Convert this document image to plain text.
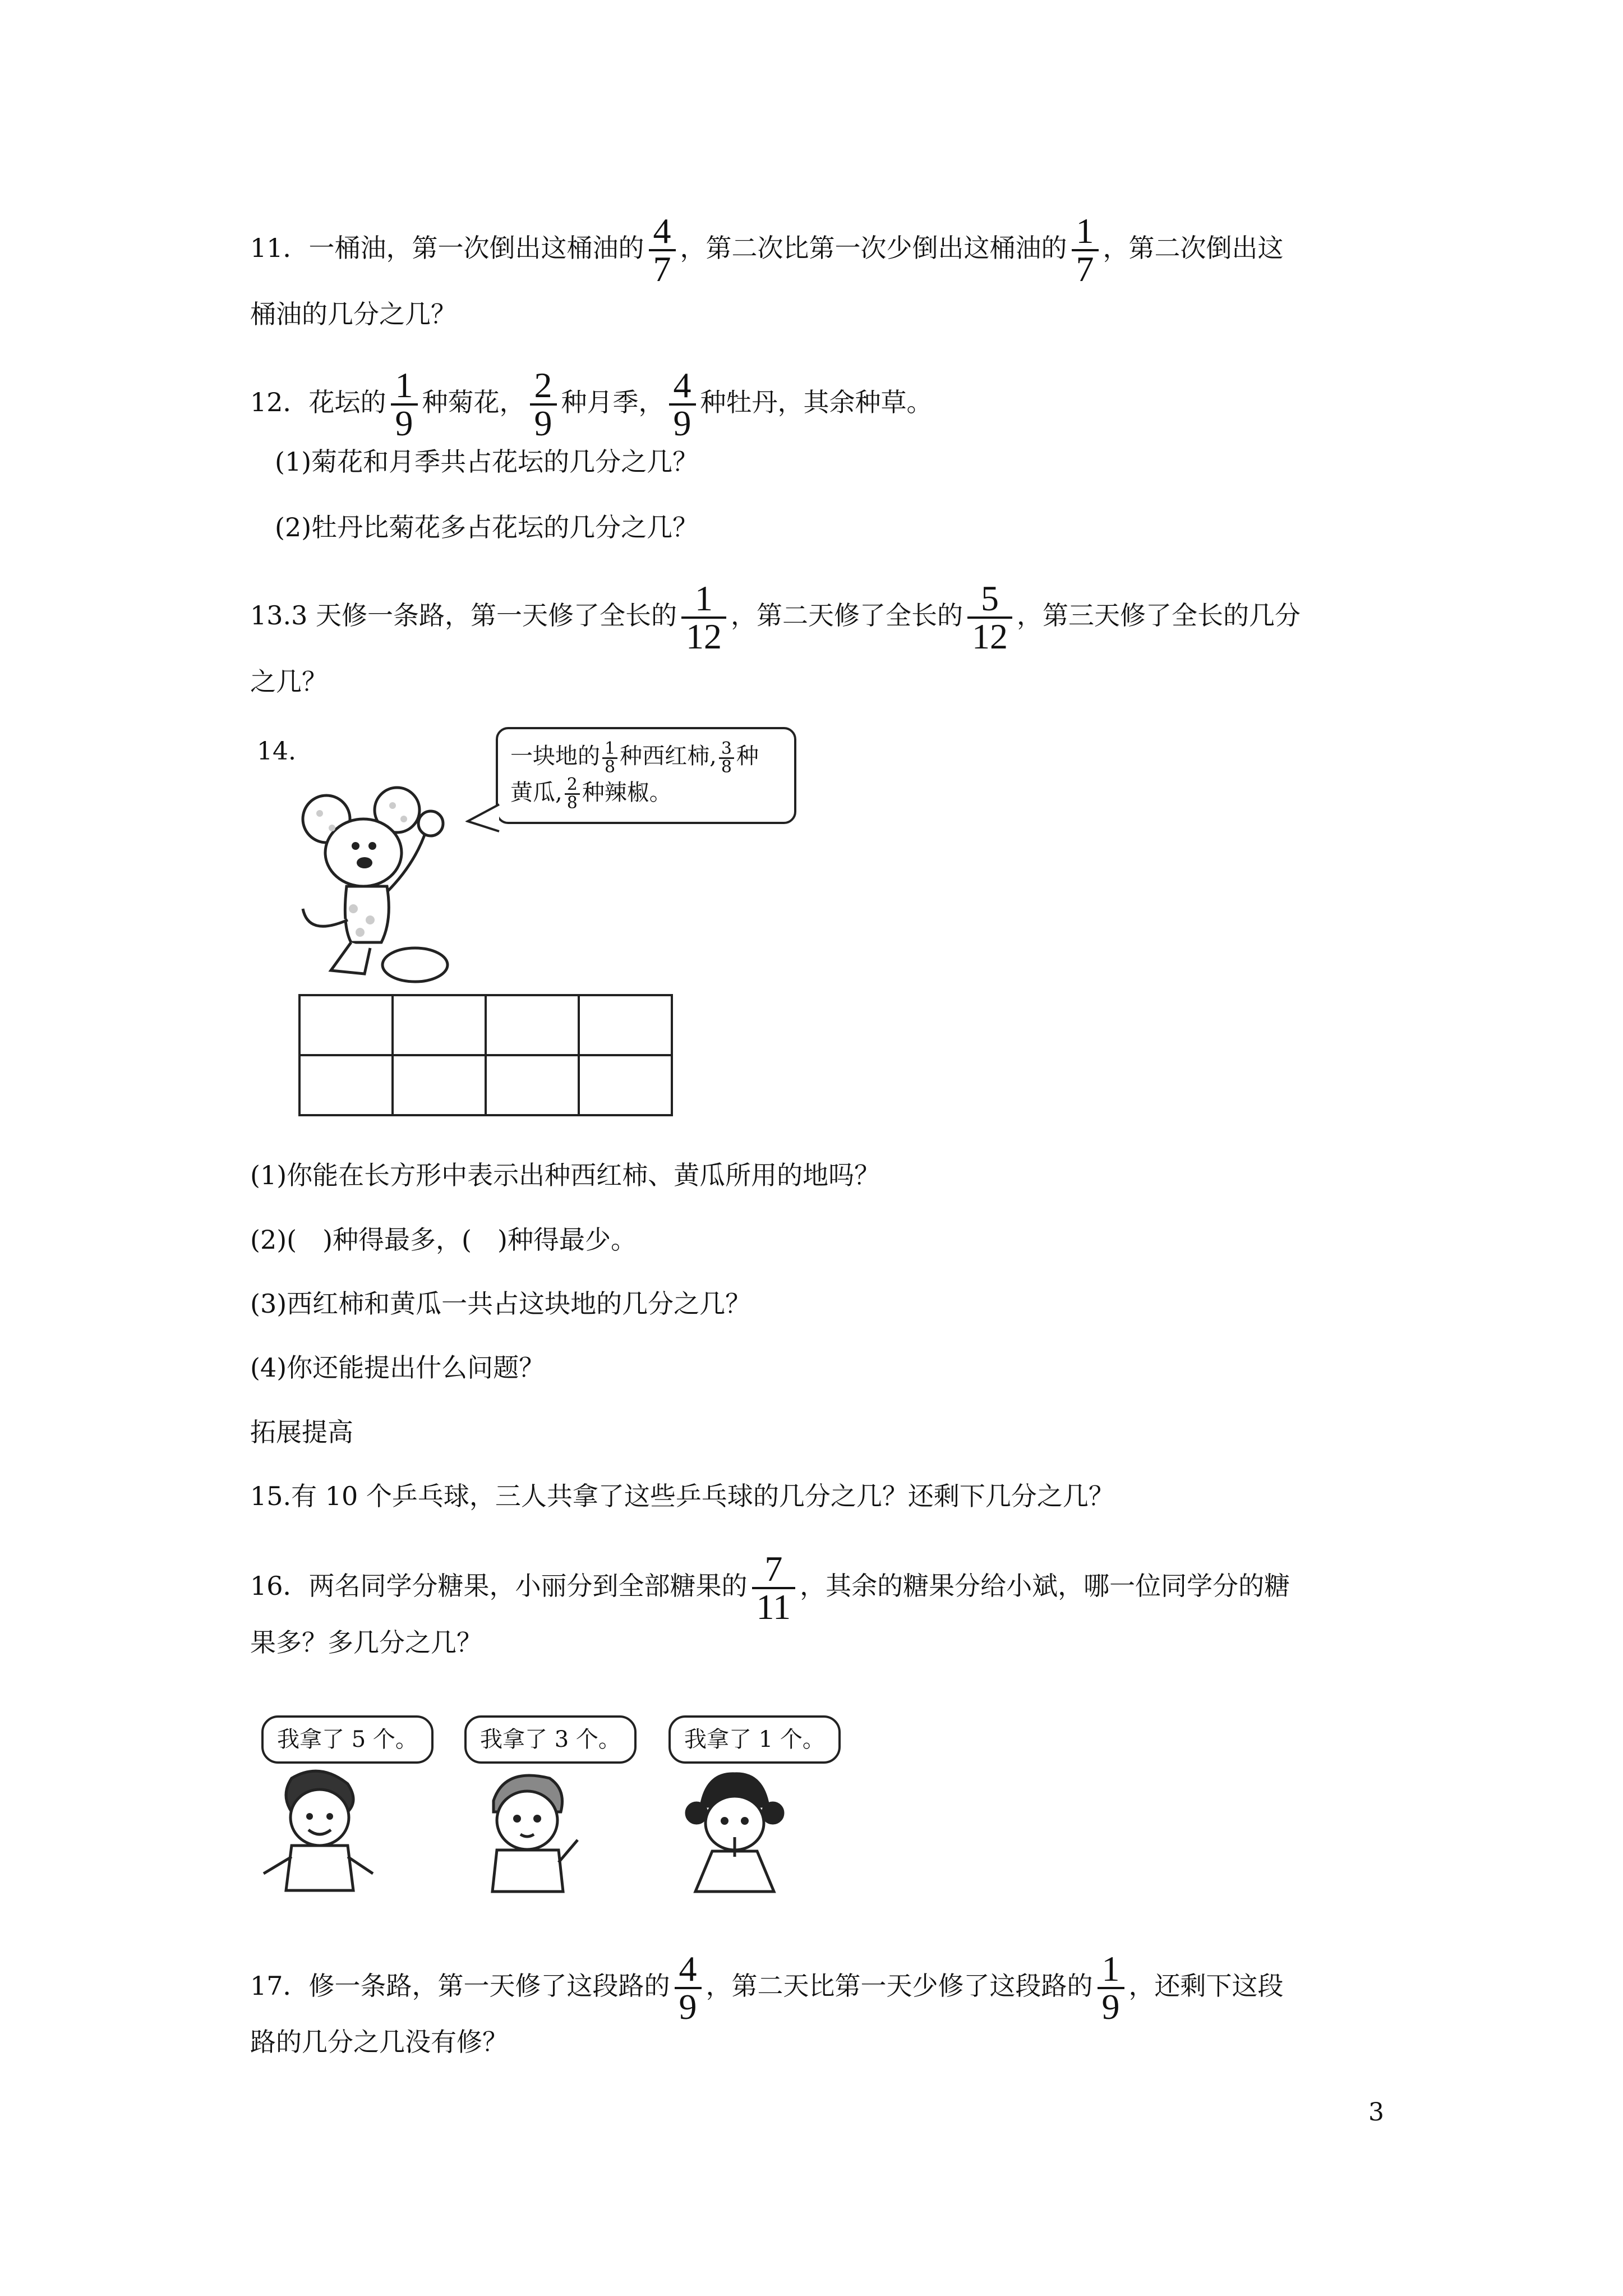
11．一桶油，第一次倒出这桶油的 $\frac{4}{7}$ ，第二次比第一次少倒出这桶油的 $\frac{1}{7}$ ，第二次倒出这
桶油的几分之几？
12．花坛的 $\frac{1}{9}$ 种菊花， $\frac{2}{9}$ 种月季， $\frac{4}{9}$ 种牡丹，其余种草。
(1)菊花和月季共占花坛的几分之几？
(2)牡丹比菊花多占花坛的几分之几？
13.3 天修一条路，第一天修了全长的 $\frac{1}{12}$ ，第二天修了全长的 $\frac{5}{12}$ ，第三天修了全长的几分
之几？
14.	一块地的 $\frac{1}{8}$ 种西红柿, $\frac{3}{8}$ 种
黄瓜, $\frac{2}{8}$ 种辣椒。

(1)你能在长方形中表示出种西红柿、黄瓜所用的地吗？
(2)(　)种得最多，(　)种得最少。
(3)西红柿和黄瓜一共占这块地的几分之几？
(4)你还能提出什么问题？
拓展提高
15.有 10 个乒乓球，三人共拿了这些乒乓球的几分之几？还剩下几分之几？
16．两名同学分糖果，小丽分到全部糖果的 $\frac{7}{11}$ ，其余的糖果分给小斌，哪一位同学分的糖
果多？多几分之几？
我拿了 5 个。	我拿了 3 个。	我拿了 1 个。
17．修一条路，第一天修了这段路的 $\frac{4}{9}$ ，第二天比第一天少修了这段路的 $\frac{1}{9}$ ，还剩下这段
路的几分之几没有修？
3
